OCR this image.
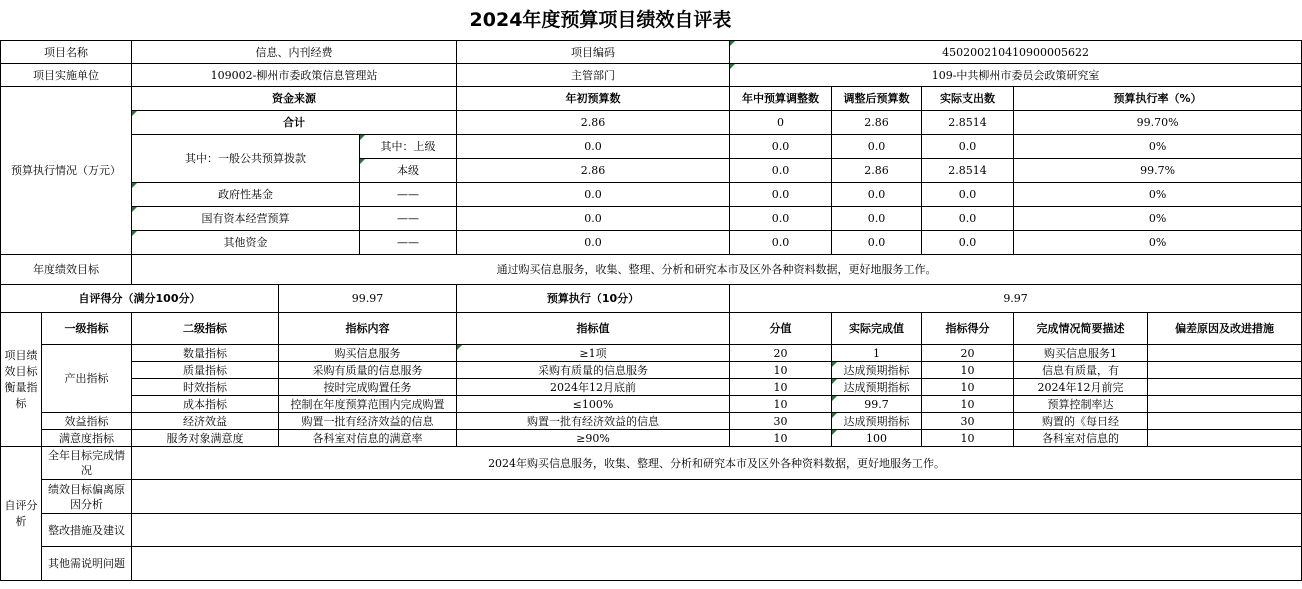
2024年度预算项目绩效自评表
项目名称		信息、内刊经费			项目编码	450200210410900005622				
项目实施单位		109002-柳州市委政策信息管理站			主管部门	109-中共柳州市委员会政策研究室				
预算执行情况（万元）		资金来源			年初预算数	年中预算调整数	调整后预算数	实际支出数	预算执行率（%）	
		合计			2.86	0	2.86	2.8514	99.70%	
		其中：一般公共预算拨款		其中：上级	0.0	0.0	0.0	0.0	0%	
				本级	2.86	0.0	2.86	2.8514	99.7%	
		政府性基金		——	0.0	0.0	0.0	0.0	0%	
		国有资本经营预算		——	0.0	0.0	0.0	0.0	0%	
		其他资金		——	0.0	0.0	0.0	0.0	0%	
年度绩效目标		通过购买信息服务，收集、整理、分析和研究本市及区外各种资料数据，更好地服务工作。								
自评得分（满分100分）			99.97		预算执行（10分）	9.97				
项目绩效目标衡量指标	一级指标	二级指标	指标内容		指标值	分值	实际完成值	指标得分	完成情况简要描述	偏差原因及改进措施
	产出指标	数量指标	购买信息服务		≥1项	20	1	20	购买信息服务1	
		质量指标	采购有质量的信息服务		采购有质量的信息服务	10	达成预期指标	10	信息有质量，有	
		时效指标	按时完成购置任务		2024年12月底前	10	达成预期指标	10	2024年12月前完	
		成本指标	控制在年度预算范围内完成购置		≤100%	10	99.7	10	预算控制率达	
	效益指标	经济效益	购置一批有经济效益的信息		购置一批有经济效益的信息	30	达成预期指标	30	购置的《每日经	
	满意度指标	服务对象满意度	各科室对信息的满意率		≥90%	10	100	10	各科室对信息的	
自评分析	全年目标完成情况	2024年购买信息服务，收集、整理、分析和研究本市及区外各种资料数据，更好地服务工作。								
	绩效目标偏离原因分析									
	整改措施及建议									
	其他需说明问题									
